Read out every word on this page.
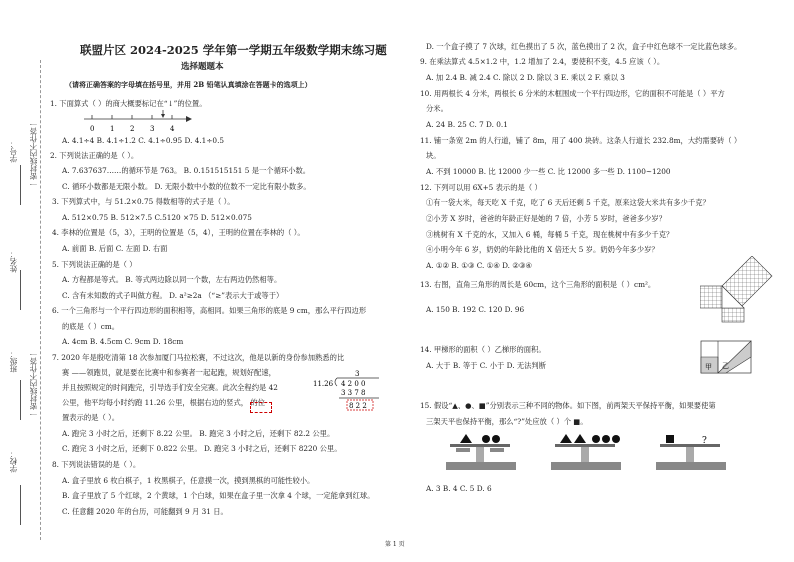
学号：
姓名：
班级：
学校：
一密封线内不作答一
一密封线内不作答一
联盟片区 2024-2025 学年第一学期五年级数学期末练习题
选择题题本
（请将正确答案的字母填在括号里，并用 2B 铅笔认真填涂在答题卡的选项上）
1. 下面算式（ ）的商大概要标记在“↓”的位置。
0 1 2 3 4
A. 4.1÷4 B. 4.1÷1.2 C. 4.1÷0.95 D. 4.1÷0.5
2. 下列说法正确的是（ ）。
A. 7.637637……的循环节是 763。 B. 0.151515151 5 是一个循环小数。
C. 循环小数都是无限小数。 D. 无限小数中小数的位数不一定比有限小数多。
3. 下列算式中，与 51.2×0.75 得数相等的式子是（ ）。
A. 512×0.75 B. 512×7.5 C.5120 ×75 D. 512×0.075
4. 李林的位置是（5，3），王明的位置是（5，4），王明的位置在李林的（ ）。
A. 前面 B. 后面 C. 左面 D. 右面
5. 下列说法正确的是（ ）
A. 方程都是等式。 B. 等式两边除以同一个数，左右两边仍然相等。
C. 含有未知数的式子叫做方程。 D. a²≥2a （“≥”表示大于或等于）
6. 一个三角形与一个平行四边形的面积相等，高相同。如果三角形的底是 9 cm，那么平行四边形
的底是（ ）cm。
A. 4cm B. 4.5cm C. 9cm D. 18cm
7. 2020 年是殷吃清第 18 次参加厦门马拉松赛，不过这次，他是以新的身份参加熟悉的比
赛 ——领跑员，就是要在比赛中和参赛者一起起跑，规划好配速，
并且按照规定的时间跑完，引导选手们安全完赛。此次全程约是 42
公里，他平均每小时约跑 11.26 公里，根据右边的竖式， 的位
置表示的是（ ）。
3
11.26 4 2 0 0
3 3 7 8
8 2 2
A. 跑完 3 小时之后，还剩下 8.22 公里。 B. 跑完 3 小时之后，还剩下 82.2 公里。
C. 跑完 3 小时之后，还剩下 0.822 公里。 D. 跑完 3 小时之后，还剩下 8220 公里。
8. 下列说法错误的是（ ）。
A. 盒子里放 6 枚白棋子，1 枚黑棋子，任意摸一次，摸到黑棋的可能性较小。
B. 盒子里放了 5 个红球，2 个黄球，1 个白球，如果在盒子里一次拿 4 个球，一定能拿到红球。
C. 任意翻 2020 年的台历，可能翻到 9 月 31 日。
D. 一个盒子摸了 7 次球，红色摸出了 5 次，蓝色摸出了 2 次，盒子中红色球不一定比蓝色球多。
9. 在乘法算式 4.5×1.2 中，1.2 增加了 2.4，要使积不变，4.5 应该（ ）。
A. 加 2.4 B. 减 2.4 C. 除以 2 D. 除以 3 E. 乘以 2 F. 乘以 3
10. 用两根长 4 分米，两根长 6 分米的木框围成一个平行四边形，它的面积不可能是（ ）平方
分米。
A. 24 B. 25 C. 7 D. 0.1
11. 铺一条宽 2m 的人行道，铺了 8m，用了 400 块砖。这条人行道长 232.8m，大约需要砖（ ）
块。
A. 不到 10000 B. 比 12000 少一些 C. 比 12000 多一些 D. 1100~1200
12. 下列可以用 6X+5 表示的是（ ）
①有一袋大米，每天吃 X 千克，吃了 6 天后还剩 5 千克，原来这袋大米共有多少千克？
②小芳 X 岁时，爸爸的年龄正好是她的 7 倍，小芳 5 岁时，爸爸多少岁？
③桃树有 X 千克的水，又加入 6 桶，每桶 5 千克，现在桃树中有多少千克？
④小明今年 6 岁，奶奶的年龄比他的 X 倍还大 5 岁。奶奶今年多少岁？
A. ①② B. ①③ C. ①④ D. ②③④
13. 右图，直角三角形的周长是 60cm，这个三角形的面积是（ ）cm²。
A. 150 B. 192 C. 120 D. 96
14. 甲梯形的面积（ ）乙梯形的面积。
甲 乙
A. 大于 B. 等于 C. 小于 D. 无法判断
15. 假设“▲、●、■”分别表示三种不同的物体。如下图，前两架天平保持平衡，如果要使第
三架天平也保持平衡，那么“?”处应放（ ）个 ■。
?
A. 3 B. 4 C. 5 D. 6
第 1 页
